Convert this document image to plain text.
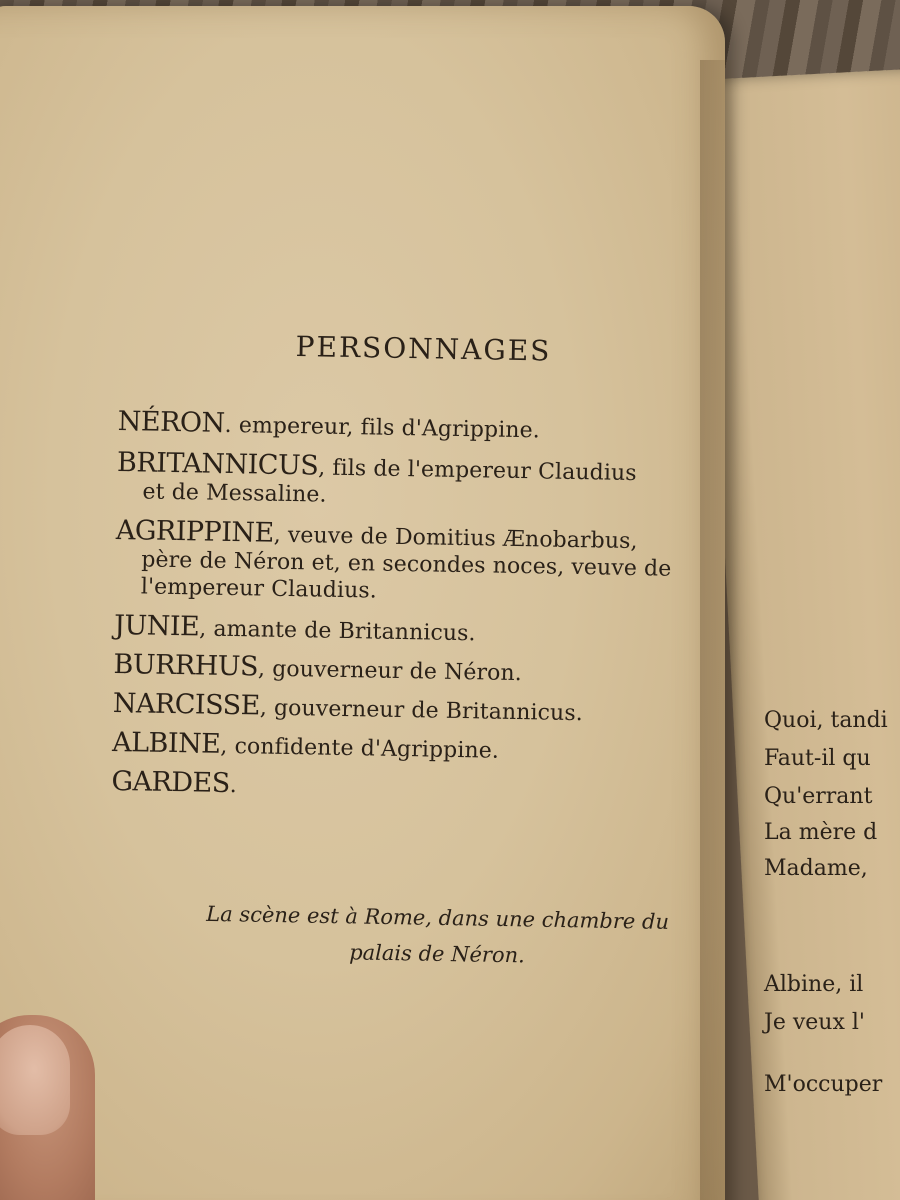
PERSONNAGES
NÉRON. empereur, fils d'Agrippine.
BRITANNICUS, fils de l'empereur Claudius
et de Messaline.
AGRIPPINE, veuve de Domitius Ænobarbus,
père de Néron et, en secondes noces, veuve de l'empereur Claudius.
JUNIE, amante de Britannicus.
BURRHUS, gouverneur de Néron.
NARCISSE, gouverneur de Britannicus.
ALBINE, confidente d'Agrippine.
GARDES.
La scène est à Rome, dans une chambre du
palais de Néron.
Quoi, tandi
Faut-il qu
Qu'errant
La mère d
Madame,
Albine, il
Je veux l'
M'occuper
